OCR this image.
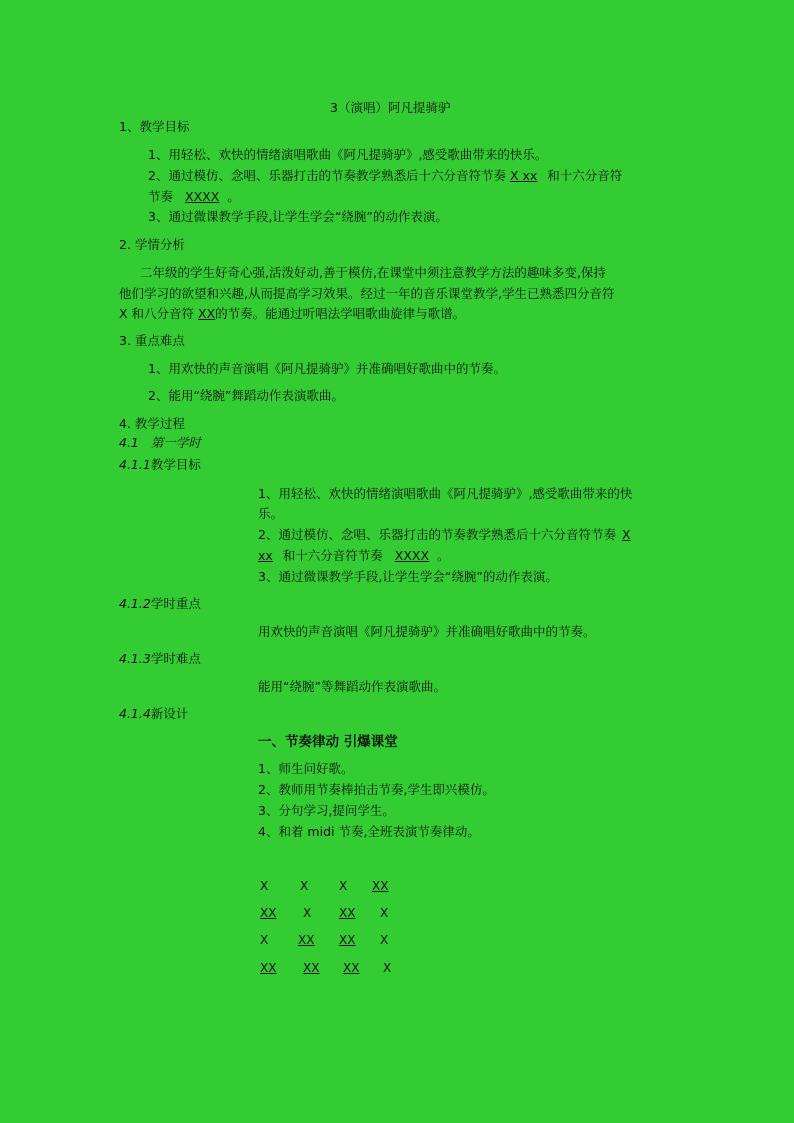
3（演唱）阿凡提骑驴
1、教学目标
1、用轻松、欢快的情绪演唱歌曲《阿凡提骑驴》,感受歌曲带来的快乐。
2、通过模仿、念唱、乐器打击的节奏教学熟悉后十六分音符节奏 X xx 和十六分音符
节奏 XXXX 。
3、通过微课教学手段,让学生学会“绕腕”的动作表演。
2. 学情分析
二年级的学生好奇心强,活泼好动,善于模仿,在课堂中须注意教学方法的趣味多变,保持
他们学习的欲望和兴趣,从而提高学习效果。经过一年的音乐课堂教学,学生已熟悉四分音符
X 和八分音符 XX的节奏。能通过听唱法学唱歌曲旋律与歌谱。
3. 重点难点
1、用欢快的声音演唱《阿凡提骑驴》并准确唱好歌曲中的节奏。
2、能用“绕腕”舞蹈动作表演歌曲。
4. 教学过程
4.1 第一学时
4.1.1教学目标
1、用轻松、欢快的情绪演唱歌曲《阿凡提骑驴》,感受歌曲带来的快
乐。
2、通过模仿、念唱、乐器打击的节奏教学熟悉后十六分音符节奏 X
xx 和十六分音符节奏 XXXX 。
3、通过微课教学手段,让学生学会“绕腕”的动作表演。
4.1.2学时重点
用欢快的声音演唱《阿凡提骑驴》并准确唱好歌曲中的节奏。
4.1.3学时难点
能用“绕腕”等舞蹈动作表演歌曲。
4.1.4新设计
一、节奏律动 引爆课堂
1、师生问好歌。
2、教师用节奏棒拍击节奏,学生即兴模仿。
3、分句学习,提问学生。
4、和着 midi 节奏,全班表演节奏律动。
X	X	X XX
XX X XX X
X XX XX X
XX XX XX X
